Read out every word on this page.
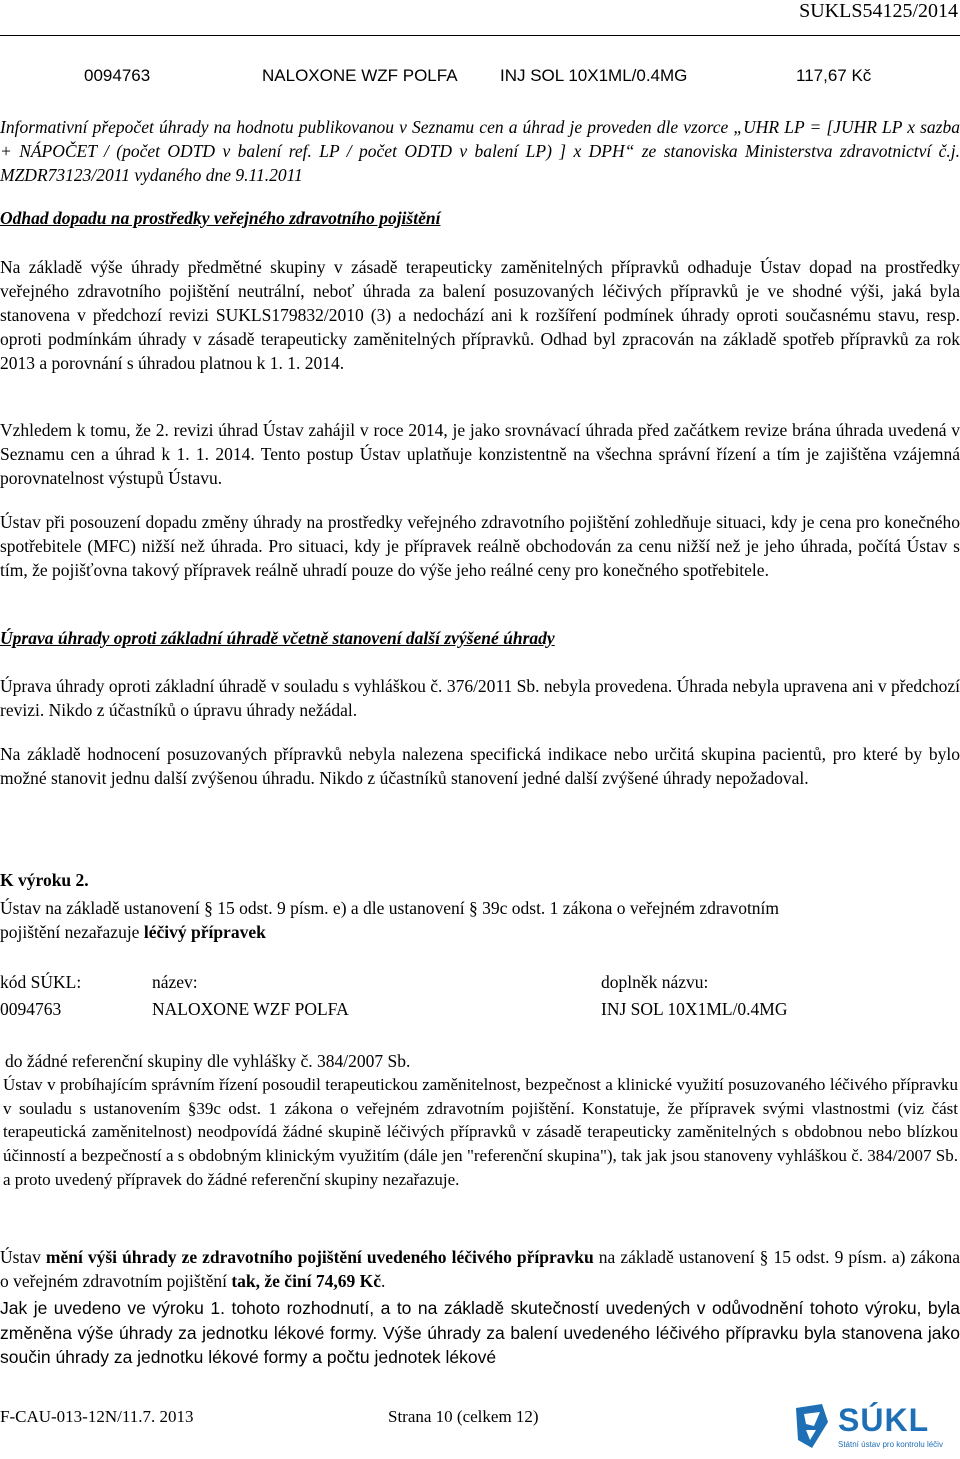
SUKLS54125/2014
0094763	NALOXONE WZF POLFA INJ SOL 10X1ML/0.4MG	117,67 Kč

Informativní přepočet úhrady na hodnotu publikovanou v Seznamu cen a úhrad je proveden dle vzorce „UHR LP = [JUHR LP x sazba + NÁPOČET / (počet ODTD v balení ref. LP / počet ODTD v balení LP) ] x DPH“ ze stanoviska Ministerstva zdravotnictví č.j. MZDR73123/2011 vydaného dne 9.11.2011

Odhad dopadu na prostředky veřejného zdravotního pojištění

Na základě výše úhrady předmětné skupiny v zásadě terapeuticky zaměnitelných přípravků odhaduje Ústav dopad na prostředky veřejného zdravotního pojištění neutrální, neboť úhrada za balení posuzovaných léčivých přípravků je ve shodné výši, jaká byla stanovena v předchozí revizi SUKLS179832/2010 (3) a nedochází ani k rozšíření podmínek úhrady oproti současnému stavu, resp. oproti podmínkám úhrady v zásadě terapeuticky zaměnitelných přípravků. Odhad byl zpracován na základě spotřeb přípravků za rok 2013 a porovnání s úhradou platnou k 1. 1. 2014.

Vzhledem k tomu, že 2. revizi úhrad Ústav zahájil v roce 2014, je jako srovnávací úhrada před začátkem revize brána úhrada uvedená v Seznamu cen a úhrad k 1. 1. 2014. Tento postup Ústav uplatňuje konzistentně na všechna správní řízení a tím je zajištěna vzájemná porovnatelnost výstupů Ústavu.

Ústav při posouzení dopadu změny úhrady na prostředky veřejného zdravotního pojištění zohledňuje situaci, kdy je cena pro konečného spotřebitele (MFC) nižší než úhrada. Pro situaci, kdy je přípravek reálně obchodován za cenu nižší než je jeho úhrada, počítá Ústav s tím, že pojišťovna takový přípravek reálně uhradí pouze do výše jeho reálné ceny pro konečného spotřebitele.

Úprava úhrady oproti základní úhradě včetně stanovení další zvýšené úhrady

Úprava úhrady oproti základní úhradě v souladu s vyhláškou č. 376/2011 Sb. nebyla provedena. Úhrada nebyla upravena ani v předchozí revizi. Nikdo z účastníků o úpravu úhrady nežádal.

Na základě hodnocení posuzovaných přípravků nebyla nalezena specifická indikace nebo určitá skupina pacientů, pro které by bylo možné stanovit jednu další zvýšenou úhradu. Nikdo z účastníků stanovení jedné další zvýšené úhrady nepožadoval.

K výroku 2.

Ústav na základě ustanovení § 15 odst. 9 písm. e) a dle ustanovení § 39c odst. 1 zákona o veřejném zdravotním
pojištění nezařazuje léčivý přípravek

kód SÚKL:	název:	doplněk názvu:
0094763	NALOXONE WZF POLFA	INJ SOL 10X1ML/0.4MG
do žádné referenční skupiny dle vyhlášky č. 384/2007 Sb.

Ústav v probíhajícím správním řízení posoudil terapeutickou zaměnitelnost, bezpečnost a klinické využití posuzovaného léčivého přípravku v souladu s ustanovením §39c odst. 1 zákona o veřejném zdravotním pojištění. Konstatuje, že přípravek svými vlastnostmi (viz část terapeutická zaměnitelnost) neodpovídá žádné skupině léčivých přípravků v zásadě terapeuticky zaměnitelných s obdobnou nebo blízkou účinností a bezpečností a s obdobným klinickým využitím (dále jen "referenční skupina"), tak jak jsou stanoveny vyhláškou č. 384/2007 Sb. a proto uvedený přípravek do žádné referenční skupiny nezařazuje.

Ústav mění výši úhrady ze zdravotního pojištění uvedeného léčivého přípravku na základě ustanovení § 15 odst. 9 písm. a) zákona o veřejném zdravotním pojištění tak, že činí 74,69 Kč.

Jak je uvedeno ve výroku 1. tohoto rozhodnutí, a to na základě skutečností uvedených v odůvodnění tohoto výroku, byla změněna výše úhrady za jednotku lékové formy. Výše úhrady za balení uvedeného léčivého přípravku byla stanovena jako součin úhrady za jednotku lékové formy a počtu jednotek lékové

F-CAU-013-12N/11.7. 2013	Strana 10 (celkem 12)	SÚKL
Státní ústav pro kontrolu léčiv
